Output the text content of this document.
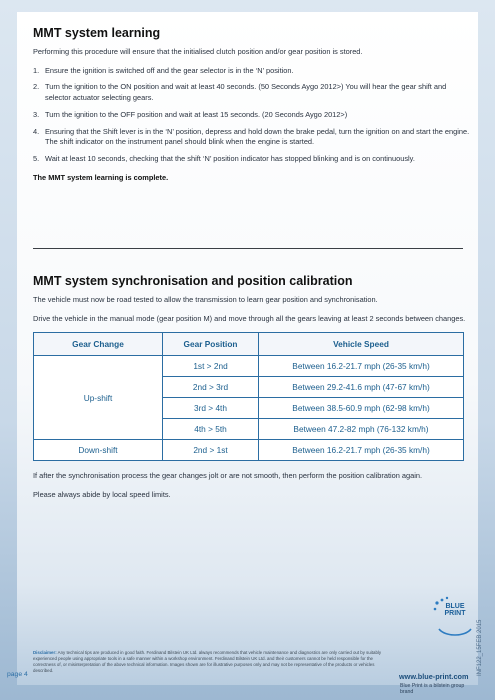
MMT system learning

Performing this procedure will ensure that the initialised clutch position and/or gear position is stored.

1. Ensure the ignition is switched off and the gear selector is in the ‘N’ position.
2. Turn the ignition to the ON position and wait at least 40 seconds. (50 Seconds Aygo 2012>) You will hear the gear shift and selector actuator selecting gears.
3. Turn the ignition to the OFF position and wait at least 15 seconds. (20 Seconds Aygo 2012>)
4. Ensuring that the Shift lever is in the ‘N’ position, depress and hold down the brake pedal, turn the ignition on and start the engine. The shift indicator on the instrument panel should blink when the engine is started.
5. Wait at least 10 seconds, checking that the shift ‘N’ position indicator has stopped blinking and is on continuously.

The MMT system learning is complete.

MMT system synchronisation and position calibration

The vehicle must now be road tested to allow the transmission to learn gear position and synchronisation.

Drive the vehicle in the manual mode (gear position M) and move through all the gears leaving at least 2 seconds between changes.

Gear Change	Gear Position	Vehicle Speed
Up-shift	1st > 2nd	Between 16.2-21.7 mph (26-35 km/h)
	2nd > 3rd	Between 29.2-41.6 mph (47-67 km/h)
	3rd > 4th	Between 38.5-60.9 mph (62-98 km/h)
	4th > 5th	Between 47.2-82 mph (76-132 km/h)
Down-shift	2nd > 1st	Between 16.2-21.7 mph (26-35 km/h)

If after the synchronisation process the gear changes jolt or are not smooth, then perform the position calibration again.

Please always abide by local speed limits.

Disclaimer: Any technical tips are produced in good faith. Ferdinand Bilstein UK Ltd. always recommends that vehicle maintenance and diagnostics are only carried out by suitably experienced people using appropriate tools in a safe manner within a workshop environment. Ferdinand Bilstein UK Ltd. and their customers cannot be held responsible for the correctness of, or misinterpretation of the above technical information. Images shown are for illustrative purposes only and may not be representative of the products or vehicles described.
BLUE
PRINT
www.blue-print.com
Blue Print is a bilstein group brand
page 4	INF122_15FEB 2015
